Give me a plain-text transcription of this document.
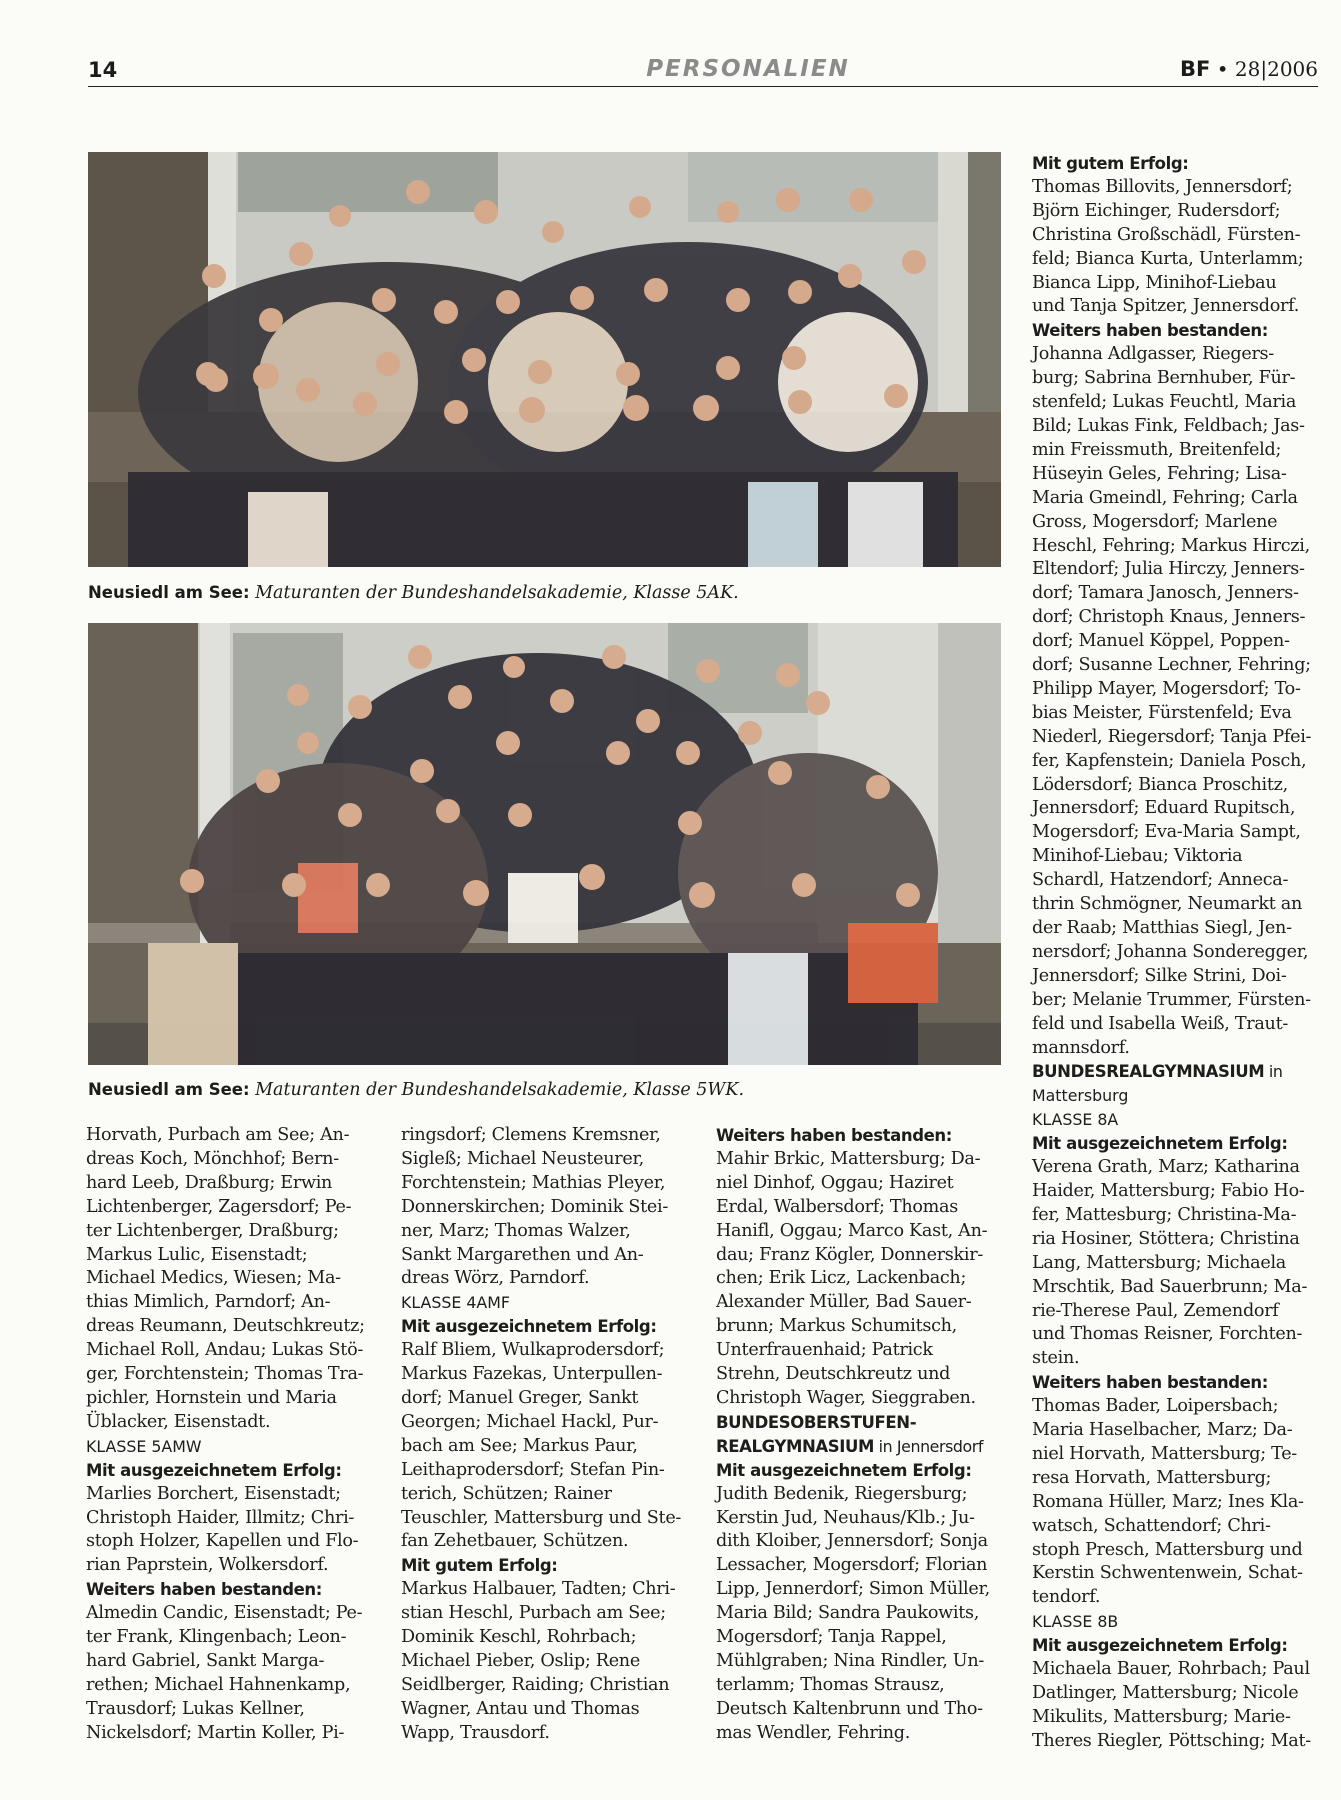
14	PERSONALIEN	BF • 28|2006
Neusiedl am See: Maturanten der Bundeshandelsakademie, Klasse 5AK.
Neusiedl am See: Maturanten der Bundeshandelsakademie, Klasse 5WK.
Horvath, Purbach am See; An-
dreas Koch, Mönchhof; Bern-
hard Leeb, Draßburg; Erwin
Lichtenberger, Zagersdorf; Pe-
ter Lichtenberger, Draßburg;
Markus Lulic, Eisenstadt;
Michael Medics, Wiesen; Ma-
thias Mimlich, Parndorf; An-
dreas Reumann, Deutschkreutz;
Michael Roll, Andau; Lukas Stö-
ger, Forchtenstein; Thomas Tra-
pichler, Hornstein und Maria
Üblacker, Eisenstadt.
KLASSE 5AMW
Mit ausgezeichnetem Erfolg:
Marlies Borchert, Eisenstadt;
Christoph Haider, Illmitz; Chri-
stoph Holzer, Kapellen und Flo-
rian Paprstein, Wolkersdorf.
Weiters haben bestanden:
Almedin Candic, Eisenstadt; Pe-
ter Frank, Klingenbach; Leon-
hard Gabriel, Sankt Marga-
rethen; Michael Hahnenkamp,
Trausdorf; Lukas Kellner,
Nickelsdorf; Martin Koller, Pi-
ringsdorf; Clemens Kremsner,
Sigleß; Michael Neusteurer,
Forchtenstein; Mathias Pleyer,
Donnerskirchen; Dominik Stei-
ner, Marz; Thomas Walzer,
Sankt Margarethen und An-
dreas Wörz, Parndorf.
KLASSE 4AMF
Mit ausgezeichnetem Erfolg:
Ralf Bliem, Wulkaprodersdorf;
Markus Fazekas, Unterpullen-
dorf; Manuel Greger, Sankt
Georgen; Michael Hackl, Pur-
bach am See; Markus Paur,
Leithaprodersdorf; Stefan Pin-
terich, Schützen; Rainer
Teuschler, Mattersburg und Ste-
fan Zehetbauer, Schützen.
Mit gutem Erfolg:
Markus Halbauer, Tadten; Chri-
stian Heschl, Purbach am See;
Dominik Keschl, Rohrbach;
Michael Pieber, Oslip; Rene
Seidlberger, Raiding; Christian
Wagner, Antau und Thomas
Wapp, Trausdorf.
Weiters haben bestanden:
Mahir Brkic, Mattersburg; Da-
niel Dinhof, Oggau; Haziret
Erdal, Walbersdorf; Thomas
Hanifl, Oggau; Marco Kast, An-
dau; Franz Kögler, Donnerskir-
chen; Erik Licz, Lackenbach;
Alexander Müller, Bad Sauer-
brunn; Markus Schumitsch,
Unterfrauenhaid; Patrick
Strehn, Deutschkreutz und
Christoph Wager, Sieggraben.
BUNDESOBERSTUFEN-
REALGYMNASIUM in Jennersdorf
Mit ausgezeichnetem Erfolg:
Judith Bedenik, Riegersburg;
Kerstin Jud, Neuhaus/Klb.; Ju-
dith Kloiber, Jennersdorf; Sonja
Lessacher, Mogersdorf; Florian
Lipp, Jennerdorf; Simon Müller,
Maria Bild; Sandra Paukowits,
Mogersdorf; Tanja Rappel,
Mühlgraben; Nina Rindler, Un-
terlamm; Thomas Strausz,
Deutsch Kaltenbrunn und Tho-
mas Wendler, Fehring.
Mit gutem Erfolg:
Thomas Billovits, Jennersdorf;
Björn Eichinger, Rudersdorf;
Christina Großschädl, Fürsten-
feld; Bianca Kurta, Unterlamm;
Bianca Lipp, Minihof-Liebau
und Tanja Spitzer, Jennersdorf.
Weiters haben bestanden:
Johanna Adlgasser, Riegers-
burg; Sabrina Bernhuber, Für-
stenfeld; Lukas Feuchtl, Maria
Bild; Lukas Fink, Feldbach; Jas-
min Freissmuth, Breitenfeld;
Hüseyin Geles, Fehring; Lisa-
Maria Gmeindl, Fehring; Carla
Gross, Mogersdorf; Marlene
Heschl, Fehring; Markus Hirczi,
Eltendorf; Julia Hirczy, Jenners-
dorf; Tamara Janosch, Jenners-
dorf; Christoph Knaus, Jenners-
dorf; Manuel Köppel, Poppen-
dorf; Susanne Lechner, Fehring;
Philipp Mayer, Mogersdorf; To-
bias Meister, Fürstenfeld; Eva
Niederl, Riegersdorf; Tanja Pfei-
fer, Kapfenstein; Daniela Posch,
Lödersdorf; Bianca Proschitz,
Jennersdorf; Eduard Rupitsch,
Mogersdorf; Eva-Maria Sampt,
Minihof-Liebau; Viktoria
Schardl, Hatzendorf; Anneca-
thrin Schmögner, Neumarkt an
der Raab; Matthias Siegl, Jen-
nersdorf; Johanna Sonderegger,
Jennersdorf; Silke Strini, Doi-
ber; Melanie Trummer, Fürsten-
feld und Isabella Weiß, Traut-
mannsdorf.
BUNDESREALGYMNASIUM in
Mattersburg
KLASSE 8A
Mit ausgezeichnetem Erfolg:
Verena Grath, Marz; Katharina
Haider, Mattersburg; Fabio Ho-
fer, Mattesburg; Christina-Ma-
ria Hosiner, Stöttera; Christina
Lang, Mattersburg; Michaela
Mrschtik, Bad Sauerbrunn; Ma-
rie-Therese Paul, Zemendorf
und Thomas Reisner, Forchten-
stein.
Weiters haben bestanden:
Thomas Bader, Loipersbach;
Maria Haselbacher, Marz; Da-
niel Horvath, Mattersburg; Te-
resa Horvath, Mattersburg;
Romana Hüller, Marz; Ines Kla-
watsch, Schattendorf; Chri-
stoph Presch, Mattersburg und
Kerstin Schwentenwein, Schat-
tendorf.
KLASSE 8B
Mit ausgezeichnetem Erfolg:
Michaela Bauer, Rohrbach; Paul
Datlinger, Mattersburg; Nicole
Mikulits, Mattersburg; Marie-
Theres Riegler, Pöttsching; Mat-
